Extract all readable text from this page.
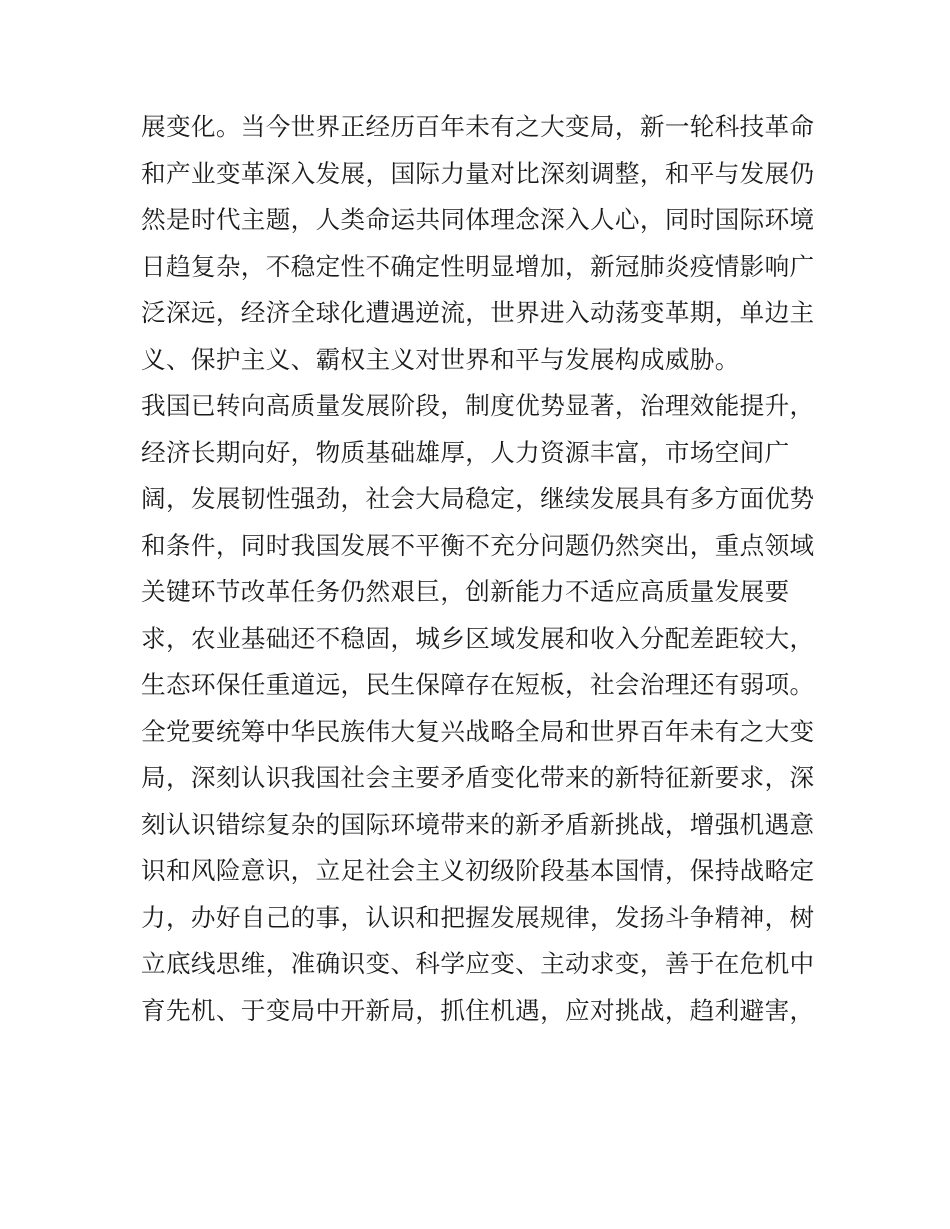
展变化。当今世界正经历百年未有之大变局，新一轮科技革命
和产业变革深入发展，国际力量对比深刻调整，和平与发展仍
然是时代主题，人类命运共同体理念深入人心，同时国际环境
日趋复杂，不稳定性不确定性明显增加，新冠肺炎疫情影响广
泛深远，经济全球化遭遇逆流，世界进入动荡变革期，单边主
义、保护主义、霸权主义对世界和平与发展构成威胁。
我国已转向高质量发展阶段，制度优势显著，治理效能提升，
经济长期向好，物质基础雄厚，人力资源丰富，市场空间广
阔，发展韧性强劲，社会大局稳定，继续发展具有多方面优势
和条件，同时我国发展不平衡不充分问题仍然突出，重点领域
关键环节改革任务仍然艰巨，创新能力不适应高质量发展要
求，农业基础还不稳固，城乡区域发展和收入分配差距较大，
生态环保任重道远，民生保障存在短板，社会治理还有弱项。
全党要统筹中华民族伟大复兴战略全局和世界百年未有之大变
局，深刻认识我国社会主要矛盾变化带来的新特征新要求，深
刻认识错综复杂的国际环境带来的新矛盾新挑战，增强机遇意
识和风险意识，立足社会主义初级阶段基本国情，保持战略定
力，办好自己的事，认识和把握发展规律，发扬斗争精神，树
立底线思维，准确识变、科学应变、主动求变，善于在危机中
育先机、于变局中开新局，抓住机遇，应对挑战，趋利避害，
